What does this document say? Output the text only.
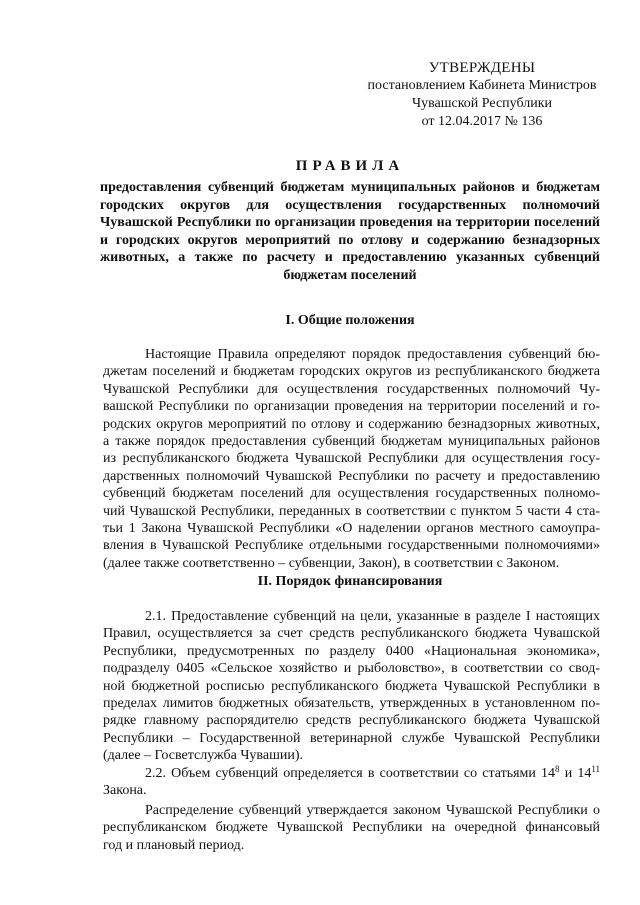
УТВЕРЖДЕНЫ
постановлением Кабинета Министров
Чувашской Республики
от 12.04.2017 № 136
ПРАВИЛА
предоставления субвенций бюджетам муниципальных районов и бюджетам городских округов для осуществления государственных полномочий Чувашской Республики по организации проведения на территории поселений и городских округов мероприятий по отлову и содержанию безнадзорных животных, а также по расчету и предоставлению указанных субвенций бюджетам поселений
I. Общие положения
Настоящие Правила определяют порядок предоставления субвенций бю-
джетам поселений и бюджетам городских округов из республиканского бюджета
Чувашской Республики для осуществления государственных полномочий Чу-
вашской Республики по организации проведения на территории поселений и го-
родских округов мероприятий по отлову и содержанию безнадзорных животных,
а также порядок предоставления субвенций бюджетам муниципальных районов
из республиканского бюджета Чувашской Республики для осуществления госу-
дарственных полномочий Чувашской Республики по расчету и предоставлению
субвенций бюджетам поселений для осуществления государственных полномо-
чий Чувашской Республики, переданных в соответствии с пунктом 5 части 4 ста-
тьи 1 Закона Чувашской Республики «О наделении органов местного самоупра-
вления в Чувашской Республике отдельными государственными полномочиями»
(далее также соответственно – субвенции, Закон), в соответствии с Законом.
II. Порядок финансирования
2.1. Предоставление субвенций на цели, указанные в разделе I настоящих
Правил, осуществляется за счет средств республиканского бюджета Чувашской
Республики, предусмотренных по разделу 0400 «Национальная экономика»,
подразделу 0405 «Сельское хозяйство и рыболовство», в соответствии со свод-
ной бюджетной росписью республиканского бюджета Чувашской Республики в
пределах лимитов бюджетных обязательств, утвержденных в установленном по-
рядке главному распорядителю средств республиканского бюджета Чувашской
Республики – Государственной ветеринарной службе Чувашской Республики
(далее – Госветслужба Чувашии).
2.2. Объем субвенций определяется в соответствии со статьями $14^8$ и $14^{11}$
Закона.
Распределение субвенций утверждается законом Чувашской Республики о
республиканском бюджете Чувашской Республики на очередной финансовый
год и плановый период.
